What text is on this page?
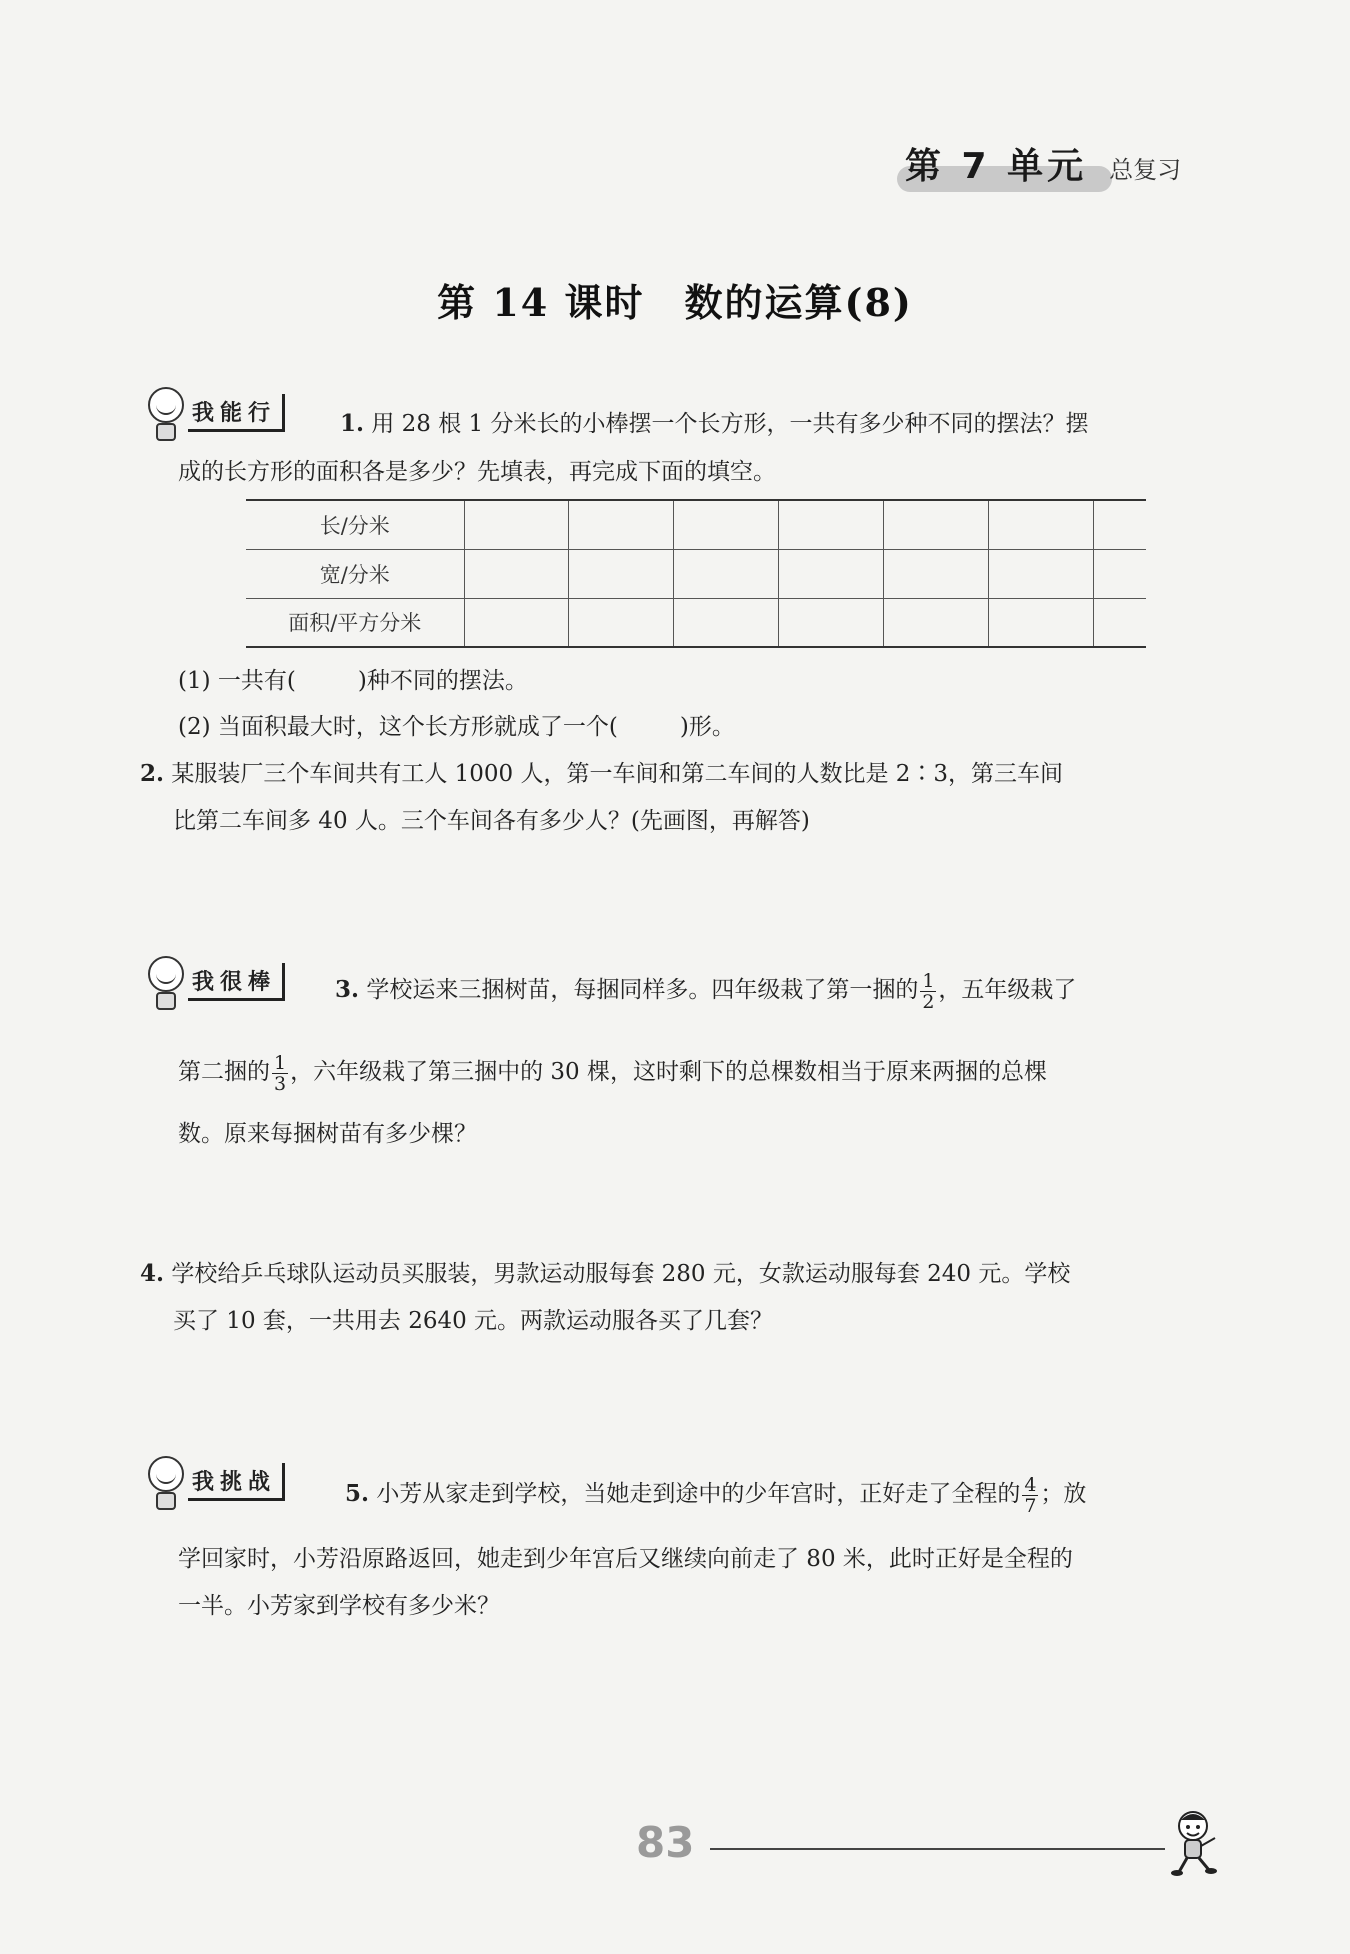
第 7 单元 总复习
第 14 课时 数的运算(8)
我能行	1. 用 28 根 1 分米长的小棒摆一个长方形，一共有多少种不同的摆法？摆
成的长方形的面积各是多少？先填表，再完成下面的填空。
长/分米							
宽/分米							
面积/平方分米							
(1) 一共有(	)种不同的摆法。
(2) 当面积最大时，这个长方形就成了一个(	)形。
2. 某服装厂三个车间共有工人 1000 人，第一车间和第二车间的人数比是 2∶3，第三车间
比第二车间多 40 人。三个车间各有多少人？(先画图，再解答)
我很棒	3. 学校运来三捆树苗，每捆同样多。四年级栽了第一捆的 $\frac{1}{2}$ ，五年级栽了
第二捆的 $\frac{1}{3}$ ，六年级栽了第三捆中的 30 棵，这时剩下的总棵数相当于原来两捆的总棵
数。原来每捆树苗有多少棵？
4. 学校给乒乓球队运动员买服装，男款运动服每套 280 元，女款运动服每套 240 元。学校
买了 10 套，一共用去 2640 元。两款运动服各买了几套？
我挑战	5. 小芳从家走到学校，当她走到途中的少年宫时，正好走了全程的 $\frac{4}{7}$ ；放
学回家时，小芳沿原路返回，她走到少年宫后又继续向前走了 80 米，此时正好是全程的
一半。小芳家到学校有多少米？
83
